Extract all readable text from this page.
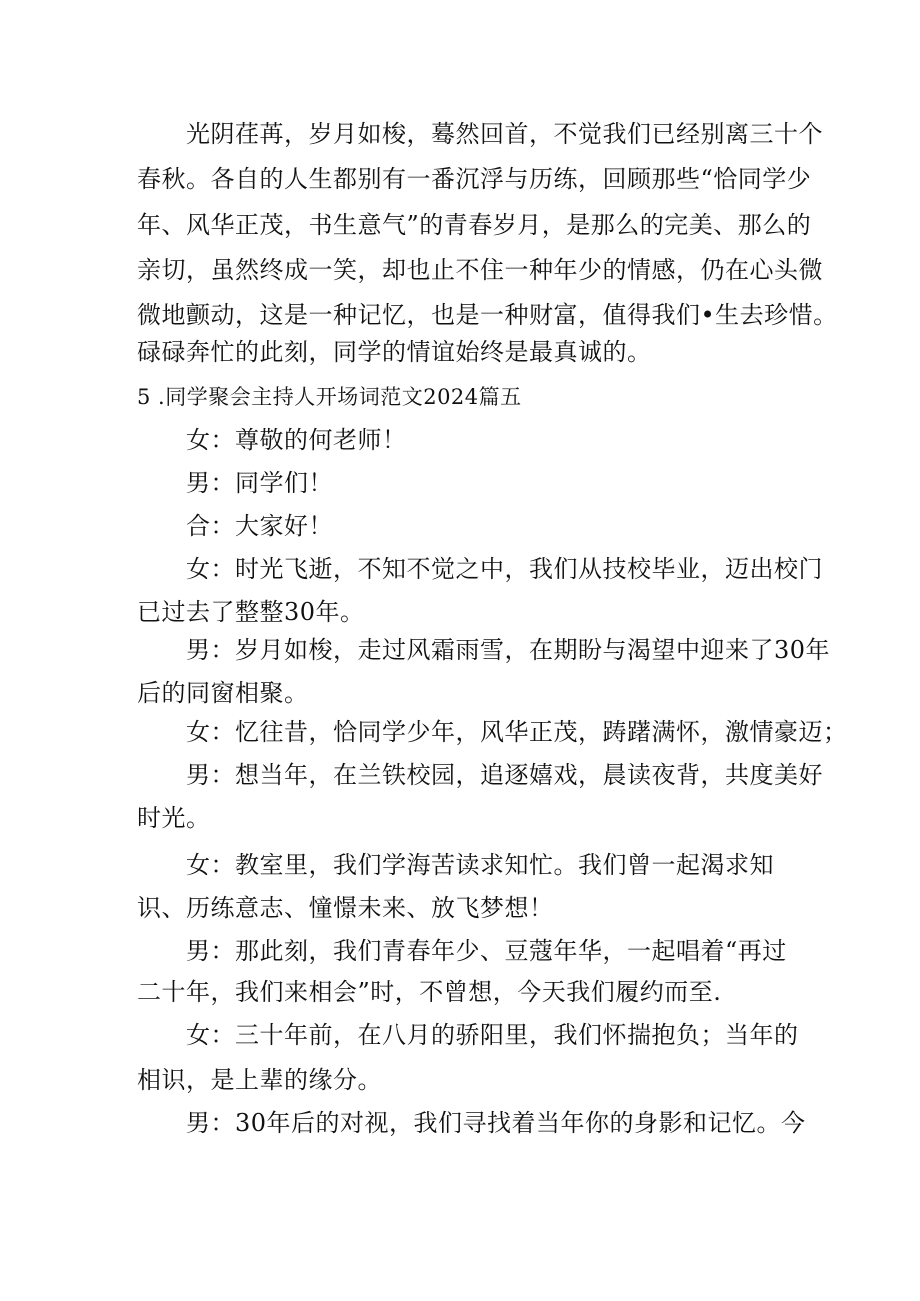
光阴荏苒，岁月如梭，蓦然回首，不觉我们已经别离三十个
春秋。各自的人生都别有一番沉浮与历练，回顾那些“恰同学少
年、风华正茂，书生意气”的青春岁月，是那么的完美、那么的
亲切，虽然终成一笑，却也止不住一种年少的情感，仍在心头微
微地颤动，这是一种记忆，也是一种财富，值得我们•生去珍惜。
碌碌奔忙的此刻，同学的情谊始终是最真诚的。
5 .同学聚会主持人开场词范文2024篇五
女：尊敬的何老师！
男：同学们！
合：大家好！
女：时光飞逝，不知不觉之中，我们从技校毕业，迈出校门
已过去了整整30年。
男：岁月如梭，走过风霜雨雪，在期盼与渴望中迎来了30年
后的同窗相聚。
女：忆往昔，恰同学少年，风华正茂，踌躇满怀，激情豪迈；
男：想当年，在兰铁校园，追逐嬉戏，晨读夜背，共度美好
时光。
女：教室里，我们学海苦读求知忙。我们曾一起渴求知
识、历练意志、憧憬未来、放飞梦想！
男：那此刻，我们青春年少、豆蔻年华，一起唱着“再过
二十年，我们来相会”时，不曾想，今天我们履约而至.
女：三十年前，在八月的骄阳里，我们怀揣抱负；当年的
相识，是上辈的缘分。
男：30年后的对视，我们寻找着当年你的身影和记忆。今
